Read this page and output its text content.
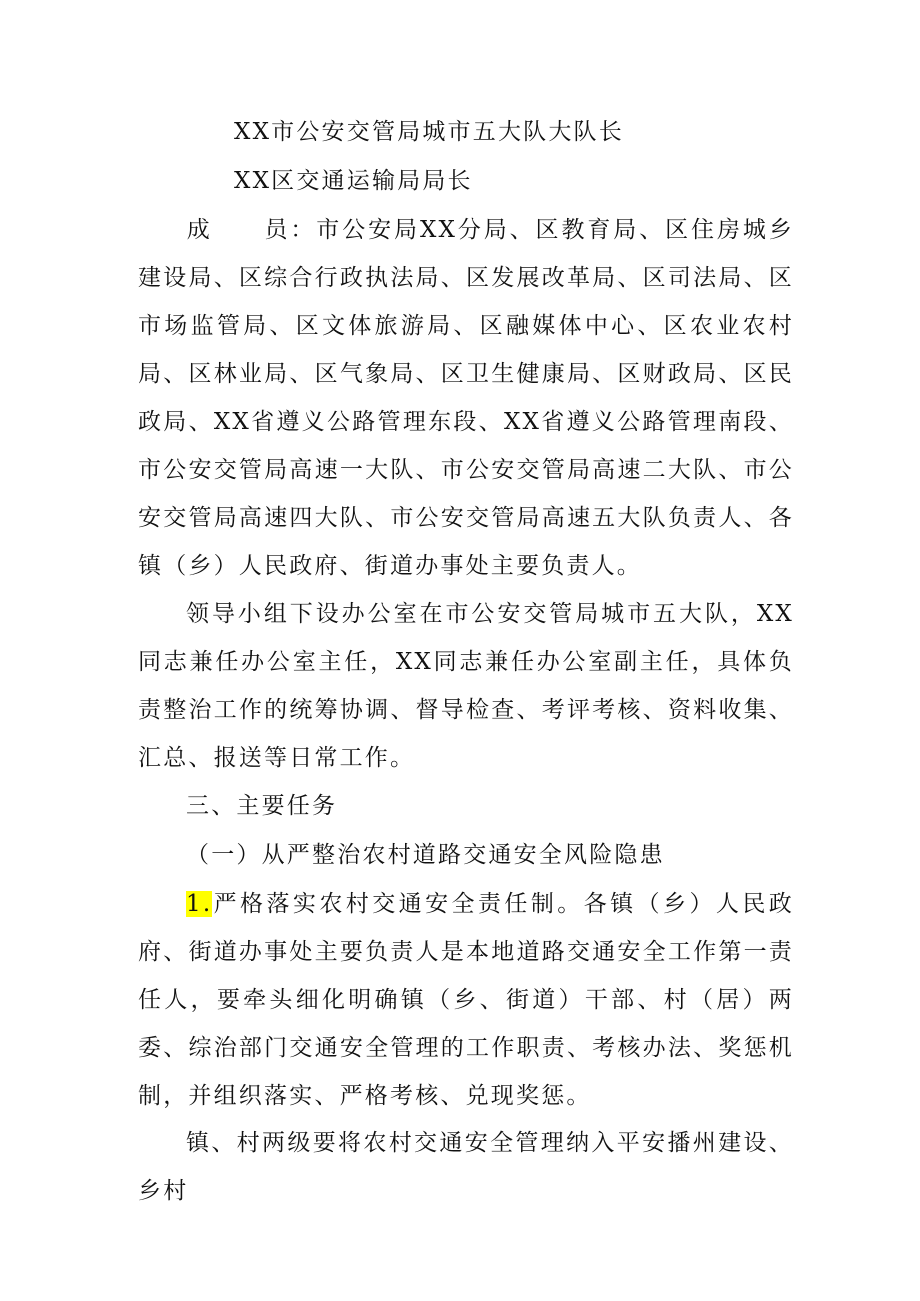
XX市公安交管局城市五大队大队长

XX区交通运输局局长

成　　员：市公安局XX分局、区教育局、区住房城乡建设局、区综合行政执法局、区发展改革局、区司法局、区市场监管局、区文体旅游局、区融媒体中心、区农业农村局、区林业局、区气象局、区卫生健康局、区财政局、区民政局、XX省遵义公路管理东段、XX省遵义公路管理南段、市公安交管局高速一大队、市公安交管局高速二大队、市公安交管局高速四大队、市公安交管局高速五大队负责人、各镇（乡）人民政府、街道办事处主要负责人。

领导小组下设办公室在市公安交管局城市五大队，XX同志兼任办公室主任，XX同志兼任办公室副主任，具体负责整治工作的统筹协调、督导检查、考评考核、资料收集、汇总、报送等日常工作。

三、主要任务

（一）从严整治农村道路交通安全风险隐患

1.严格落实农村交通安全责任制。各镇（乡）人民政府、街道办事处主要负责人是本地道路交通安全工作第一责任人，要牵头细化明确镇（乡、街道）干部、村（居）两委、综治部门交通安全管理的工作职责、考核办法、奖惩机制，并组织落实、严格考核、兑现奖惩。

镇、村两级要将农村交通安全管理纳入平安播州建设、乡村
